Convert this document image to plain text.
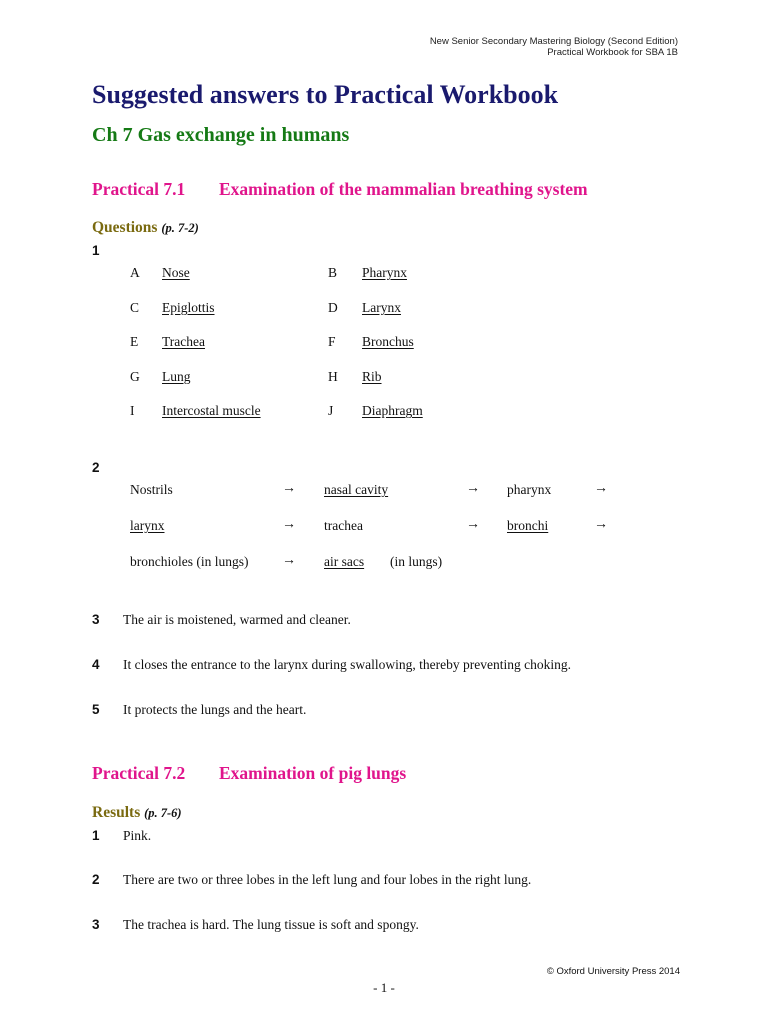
New Senior Secondary Mastering Biology (Second Edition)
Practical Workbook for SBA 1B
Suggested answers to Practical Workbook
Ch 7 Gas exchange in humans
Practical 7.1 Examination of the mammalian breathing system
Questions (p. 7-2)
1
A Nose	B Pharynx
C Epiglottis	D Larynx
E Trachea	F Bronchus
G Lung	H Rib
I Intercostal muscle	J Diaphragm
2
Nostrils	→ nasal cavity	→ pharynx	→
larynx	→ trachea	→ bronchi	→
bronchioles (in lungs) → air sacs (in lungs)
3 The air is moistened, warmed and cleaner.
4 It closes the entrance to the larynx during swallowing, thereby preventing choking.
5 It protects the lungs and the heart.
Practical 7.2 Examination of pig lungs
Results (p. 7-6)
1 Pink.
2 There are two or three lobes in the left lung and four lobes in the right lung.
3 The trachea is hard. The lung tissue is soft and spongy.
© Oxford University Press 2014
- 1 -
